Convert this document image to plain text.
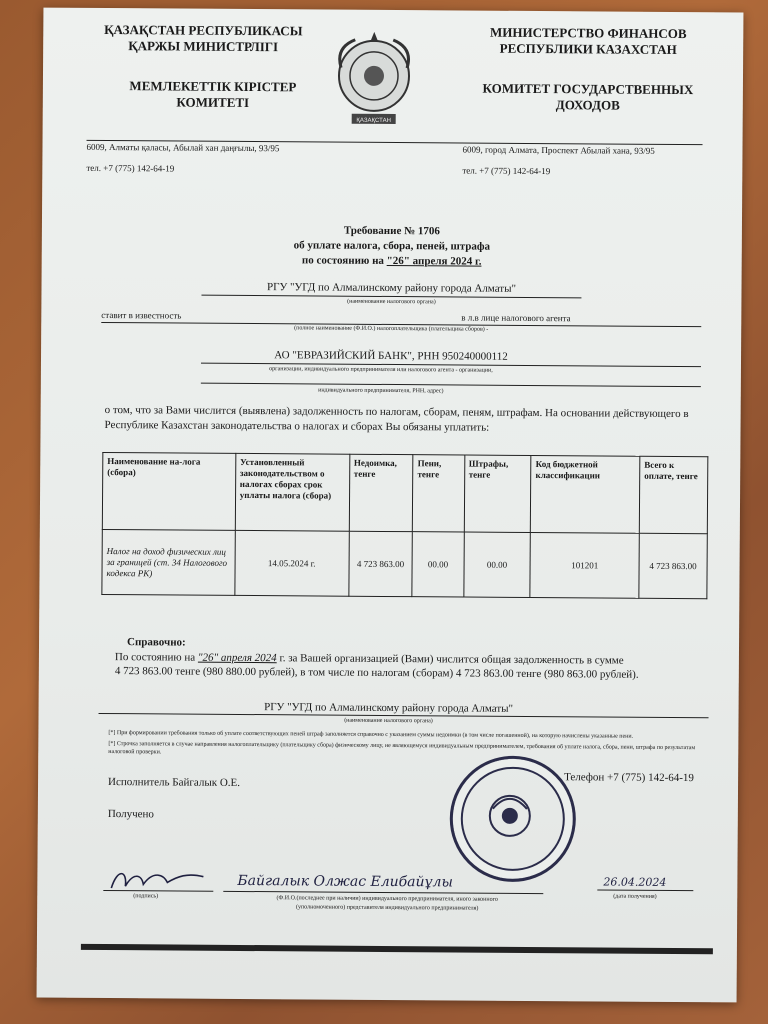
ҚАЗАҚСТАН РЕСПУБЛИКАСЫ ҚАРЖЫ МИНИСТРЛІГІ
МЕМЛЕКЕТТІК КІРІСТЕР КОМИТЕТІ
МИНИСТЕРСТВО ФИНАНСОВ РЕСПУБЛИКИ КАЗАХСТАН
КОМИТЕТ ГОСУДАРСТВЕННЫХ ДОХОДОВ
ҚАЗАҚСТАН
6009, Алматы қаласы, Абылай хан даңғылы, 93/95
тел. +7 (775) 142-64-19
6009, город Алмата, Проспект Абылай хана, 93/95
тел. +7 (775) 142-64-19
Требование № 1706
об уплате налога, сбора, пеней, штрафа
по состоянию на "26" апреля 2024 г.
РГУ "УГД по Алмалинскому району города Алматы"
(наименование налогового органа)
ставит в известность	в л.в лице налогового агента
(полное наименование (Ф.И.О.) налогоплательщика (плательщика сборов) -
АО "ЕВРАЗИЙСКИЙ БАНК", РНН 950240000112
организации, индивидуального предпринимателя или налогового агента - организации,
индивидуального предпринимателя, РНН, адрес)
о том, что за Вами числится (выявлена) задолженность по налогам, сборам, пеням, штрафам. На основании действующего в Республике Казахстан законодательства о налогах и сборах Вы обязаны уплатить:
Наименование на-лога (сбора)	Установленный законодательством о налогах сборах срок уплаты налога (сбора)	Недоимка, тенге	Пени, тенге	Штрафы, тенге	Код бюджетной классификации	Всего к оплате, тенге
Налог на доход физических лиц за границей (ст. 34 Налогового кодекса РК)	14.05.2024 г.	4 723 863.00	00.00	00.00	101201	4 723 863.00
Справочно:
По состоянию на "26" апреля 2024 г. за Вашей организацией (Вами) числится общая задолженность в сумме
4 723 863.00 тенге (980 880.00 рублей), в том числе по налогам (сборам) 4 723 863.00 тенге (980 863.00 рублей).
РГУ "УГД по Алмалинскому району города Алматы"
(наименование налогового органа)
[*] При формировании требования только об уплате соответствующих пеней штраф заполняется справочно с указанием суммы недоимки (в том числе погашенной), на которую начислены указанные пени.
[*] Строчка заполняется в случае направления налогоплательщику (плательщику сбора) физическому лицу, не являющемуся индивидуальным предпринимателем, требования об уплате налога, сбора, пени, штрафа по результатам налоговой проверки.
Исполнитель Байгалык О.Е.	Телефон +7 (775) 142-64-19
Получено
(подпись)
Байгалык Олжас Елибайұлы
(Ф.И.О.(последнее при наличии) индивидуального предпринимателя, иного законного
(уполномоченного) представителя индивидуального предпринимателя)
26.04.2024
(дата получения)
